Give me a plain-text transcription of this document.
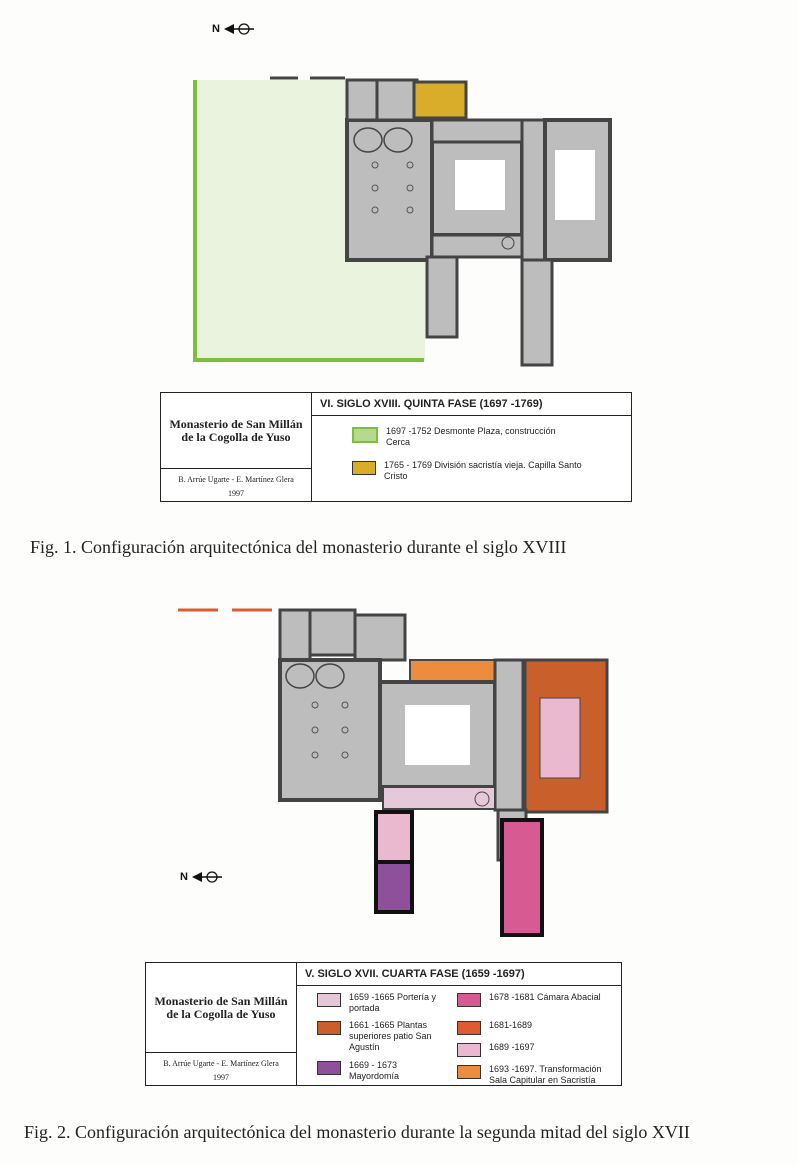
N
Monasterio de San Millán de la Cogolla de Yuso
B. Arrúe Ugarte - E. Martínez Glera
1997
VI. SIGLO XVIII. QUINTA FASE (1697 -1769)
1697 -1752 Desmonte Plaza, construcción Cerca
1765 - 1769 División sacristía vieja. Capilla Santo Cristo
Fig. 1. Configuración arquitectónica del monasterio durante el siglo XVIII
N
Monasterio de San Millán de la Cogolla de Yuso
B. Arrúe Ugarte - E. Martínez Glera
1997
V. SIGLO XVII. CUARTA FASE (1659 -1697)
1659 -1665 Portería y portada
1661 -1665 Plantas superiores patio San Agustín
1669 - 1673 Mayordomía
1678 -1681 Cámara Abacial
1681-1689
1689 -1697
1693 -1697. Transformación Sala Capitular en Sacristía
Fig. 2. Configuración arquitectónica del monasterio durante la segunda mitad del siglo XVII
